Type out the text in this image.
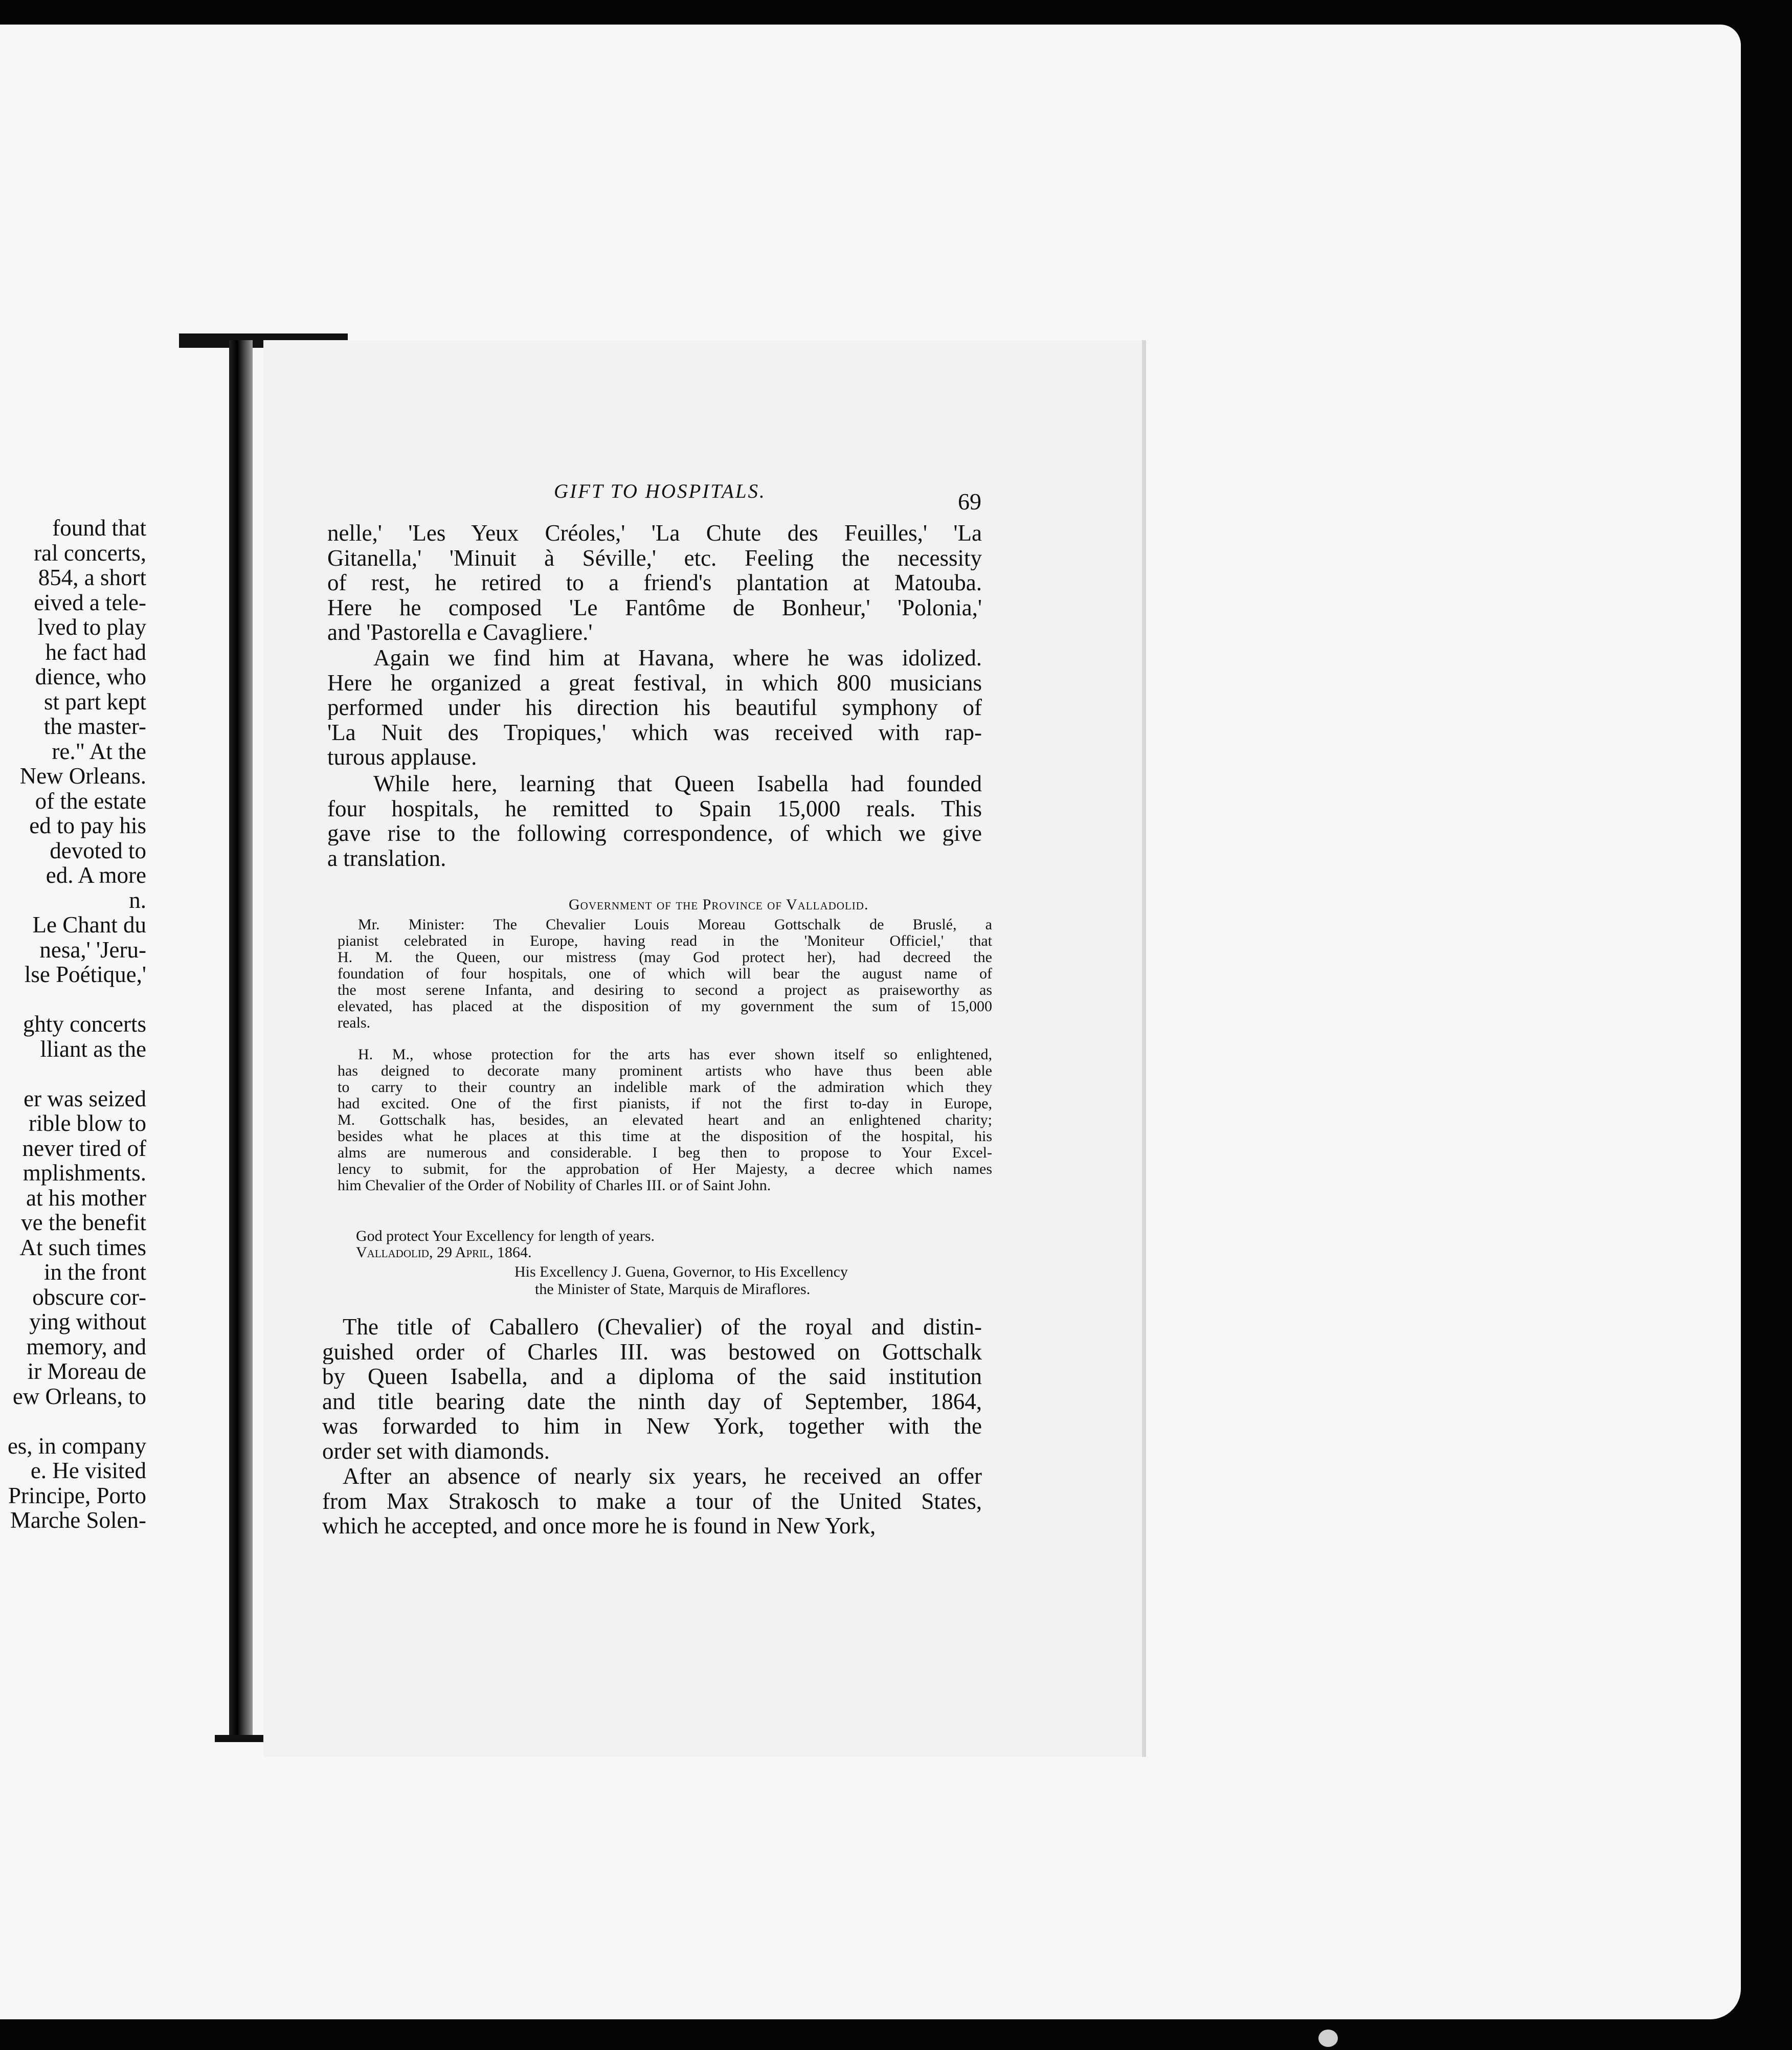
found that
ral concerts,
854, a short
eived a tele-
lved to play
he fact had
dience, who
st part kept
the master-
re." At the
New Orleans.
of the estate
ed to pay his
devoted to
ed. A more
n.
Le Chant du
nesa,' 'Jeru-
lse Poétique,'
ghty concerts
lliant as the
er was seized
rible blow to
never tired of
mplishments.
at his mother
ve the benefit
At such times
in the front
obscure cor-
ying without
memory, and
ir Moreau de
ew Orleans, to
es, in company
e. He visited
Principe, Porto
Marche Solen-
GIFT TO HOSPITALS.	69
nelle,' 'Les Yeux Créoles,' 'La Chute des Feuilles,' 'La
Gitanella,' 'Minuit à Séville,' etc. Feeling the necessity
of rest, he retired to a friend's plantation at Matouba.
Here he composed 'Le Fantôme de Bonheur,' 'Polonia,'
and 'Pastorella e Cavagliere.'
Again we find him at Havana, where he was idolized.
Here he organized a great festival, in which 800 musicians
performed under his direction his beautiful symphony of
'La Nuit des Tropiques,' which was received with rap-
turous applause.
While here, learning that Queen Isabella had founded
four hospitals, he remitted to Spain 15,000 reals. This
gave rise to the following correspondence, of which we give
a translation.
Mr. Minister: The Chevalier Louis Moreau Gottschalk de Bruslé, a
pianist celebrated in Europe, having read in the 'Moniteur Officiel,' that
H. M. the Queen, our mistress (may God protect her), had decreed the
foundation of four hospitals, one of which will bear the august name of
the most serene Infanta, and desiring to second a project as praiseworthy as
elevated, has placed at the disposition of my government the sum of 15,000
reals.
H. M., whose protection for the arts has ever shown itself so enlightened,
has deigned to decorate many prominent artists who have thus been able
to carry to their country an indelible mark of the admiration which they
had excited. One of the first pianists, if not the first to-day in Europe,
M. Gottschalk has, besides, an elevated heart and an enlightened charity;
besides what he places at this time at the disposition of the hospital, his
alms are numerous and considerable. I beg then to propose to Your Excel-
lency to submit, for the approbation of Her Majesty, a decree which names
him Chevalier of the Order of Nobility of Charles III. or of Saint John.
The title of Caballero (Chevalier) of the royal and distin-
guished order of Charles III. was bestowed on Gottschalk
by Queen Isabella, and a diploma of the said institution
and title bearing date the ninth day of September, 1864,
was forwarded to him in New York, together with the
order set with diamonds.
After an absence of nearly six years, he received an offer
from Max Strakosch to make a tour of the United States,
which he accepted, and once more he is found in New York,
Government of the Province of Valladolid.
God protect Your Excellency for length of years.
Valladolid, 29 April, 1864.
His Excellency J. Guena, Governor, to His Excellency
the Minister of State, Marquis de Miraflores.
